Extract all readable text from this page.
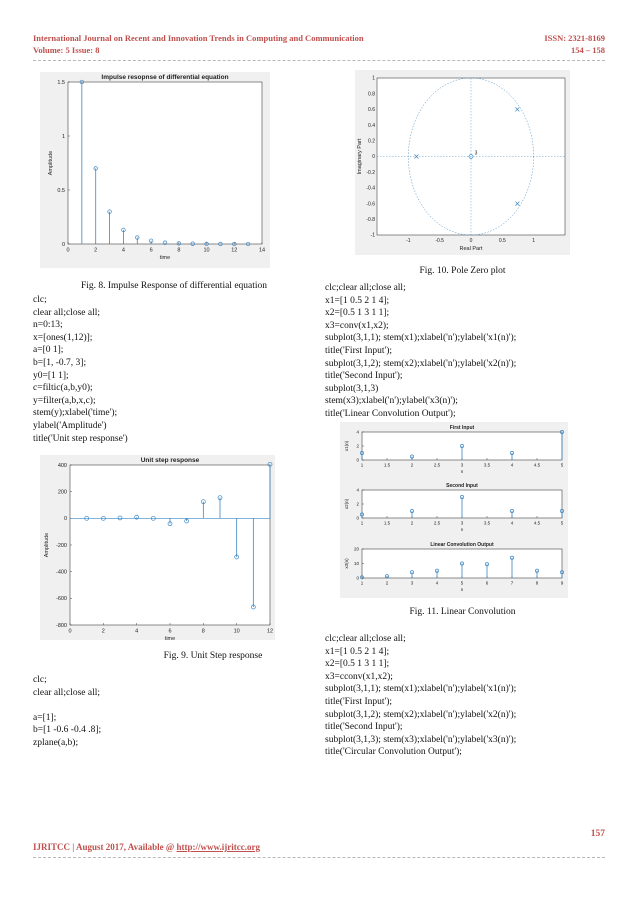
International Journal on Recent and Innovation Trends in Computing and Communication
Volume: 5 Issue: 8
ISSN: 2321-8169
154 – 158
0	2	4	6	8	10	12	14
0
0.5
1
1.5
Impulse resopnse of differential equation
time
Amplitude
Fig. 8. Impulse Response of differential equation
clc;
clear all;close all;
n=0:13;
x=[ones(1,12)];
a=[0 1];
b=[1, -0.7, 3];
y0=[1 1];
c=filtic(a,b,y0);
y=filter(a,b,x,c);
stem(y);xlabel('time');
ylabel('Amplitude')
title('Unit step response')
0	2	4	6	8	10	12
-800
-600
-400
-200
0
200
400
Unit step response
time
Amplitude
Fig. 9. Unit Step response
clc;
clear all;close all;
a=[1];
b=[1 -0.6 -0.4 .8];
zplane(a,b);
-1	-0.5	0	0.5	1
1
0.8
0.6
0.4
0.2
0
-0.2
-0.4
-0.6
-0.8
-1
3
Real Part
Imaginary Part
Fig. 10. Pole Zero plot
clc;clear all;close all;
x1=[1 0.5 2 1 4];
x2=[0.5 1 3 1 1];
x3=conv(x1,x2);
subplot(3,1,1); stem(x1);xlabel('n');ylabel('x1(n)');
title('First Input');
subplot(3,1,2); stem(x2);xlabel('n');ylabel('x2(n)');
title('Second Input');
subplot(3,1,3)
stem(x3);xlabel('n');ylabel('x3(n)');
title('Linear Convolution Output');
1	1.5	2	2.5	3	3.5	4	4.5	5
0
2
4
First Input
n
x1(n)
1	1.5	2	2.5	3	3.5	4	4.5	5
0
2
4
Second Input
n
x2(n)
1	2	3	4	5	6	7	8	9
0
10
20
Linear Convolution Output
n
x3(n)
Fig. 11. Linear Convolution
clc;clear all;close all;
x1=[1 0.5 2 1 4];
x2=[0.5 1 3 1 1];
x3=cconv(x1,x2);
subplot(3,1,1); stem(x1);xlabel('n');ylabel('x1(n)');
title('First Input');
subplot(3,1,2); stem(x2);xlabel('n');ylabel('x2(n)');
title('Second Input');
subplot(3,1,3); stem(x3);xlabel('n');ylabel('x3(n)');
title('Circular Convolution Output');
157
IJRITCC | August 2017, Available @ http://www.ijritcc.org
